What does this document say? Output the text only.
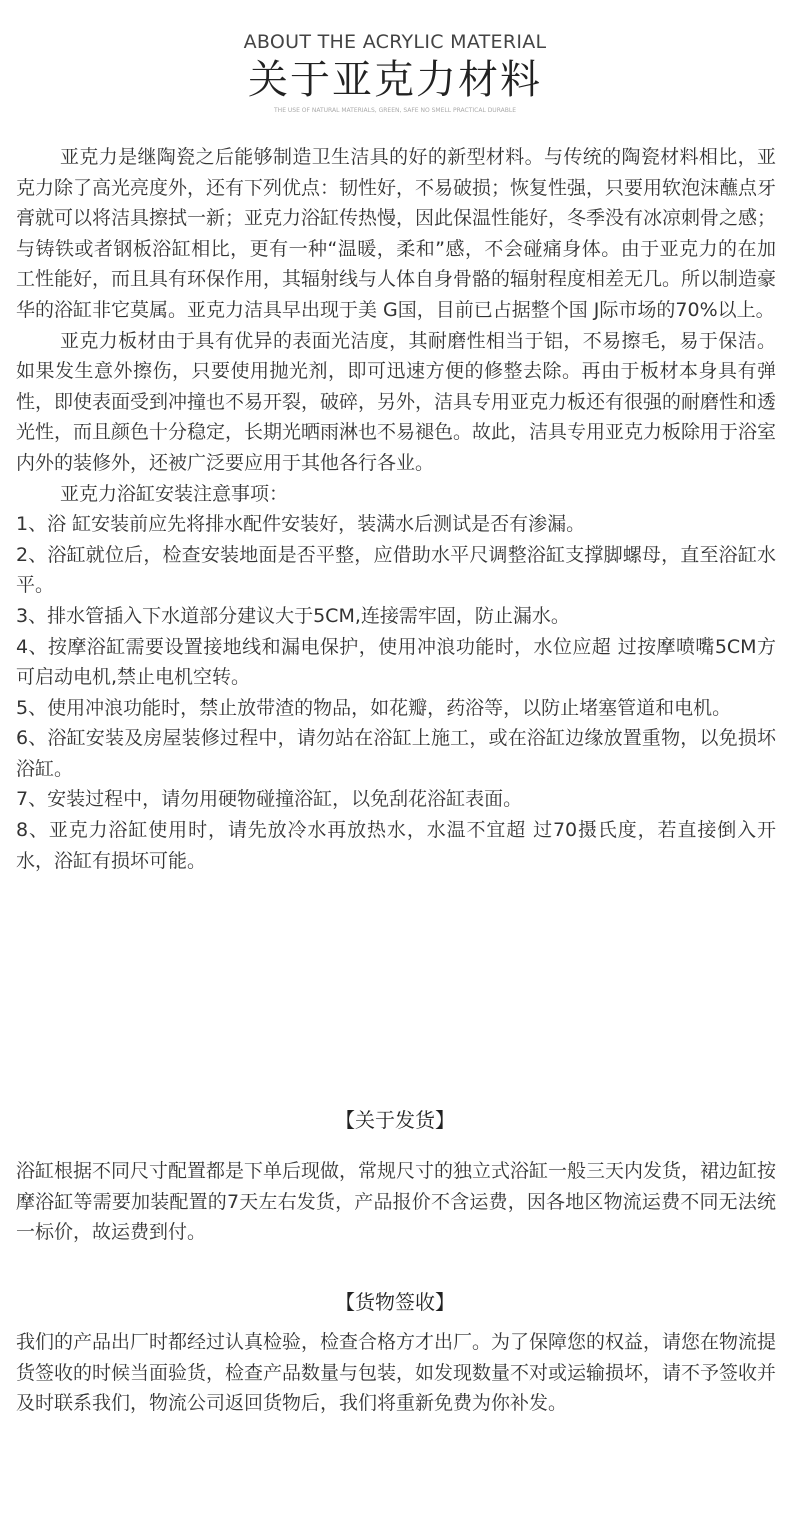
ABOUT THE ACRYLIC MATERIAL
关于亚克力材料
THE USE OF NATURAL MATERIALS, GREEN, SAFE NO SMELL PRACTICAL DURABLE

亚克力是继陶瓷之后能够制造卫生洁具的好的新型材料。与传统的陶瓷材料相比，亚克力除了高光亮度外，还有下列优点：韧性好，不易破损；恢复性强，只要用软泡沫蘸点牙膏就可以将洁具擦拭一新；亚克力浴缸传热慢，因此保温性能好，冬季没有冰凉刺骨之感；与铸铁或者钢板浴缸相比，更有一种“温暖，柔和”感，不会碰痛身体。由于亚克力的在加工性能好，而且具有环保作用，其辐射线与人体自身骨骼的辐射程度相差无几。所以制造豪华的浴缸非它莫属。亚克力洁具早出现于美 G国，目前已占据整个国 J际市场的70%以上。

亚克力板材由于具有优异的表面光洁度，其耐磨性相当于铝，不易擦毛，易于保洁。如果发生意外擦伤，只要使用抛光剂，即可迅速方便的修整去除。再由于板材本身具有弹性，即使表面受到冲撞也不易开裂，破碎，另外，洁具专用亚克力板还有很强的耐磨性和透光性，而且颜色十分稳定，长期光晒雨淋也不易褪色。故此，洁具专用亚克力板除用于浴室内外的装修外，还被广泛要应用于其他各行各业。

亚克力浴缸安装注意事项：

1、浴 缸安装前应先将排水配件安装好，装满水后测试是否有渗漏。

2、浴缸就位后，检查安装地面是否平整，应借助水平尺调整浴缸支撑脚螺母，直至浴缸水平。

3、排水管插入下水道部分建议大于5CM,连接需牢固，防止漏水。

4、按摩浴缸需要设置接地线和漏电保护，使用冲浪功能时，水位应超 过按摩喷嘴5CM方可启动电机,禁止电机空转。

5、使用冲浪功能时，禁止放带渣的物品，如花瓣，药浴等，以防止堵塞管道和电机。

6、浴缸安装及房屋装修过程中，请勿站在浴缸上施工，或在浴缸边缘放置重物，以免损坏浴缸。

7、安装过程中，请勿用硬物碰撞浴缸，以免刮花浴缸表面。

8、亚克力浴缸使用时，请先放冷水再放热水，水温不宜超 过70摄氏度，若直接倒入开水，浴缸有损坏可能。

【关于发货】

浴缸根据不同尺寸配置都是下单后现做，常规尺寸的独立式浴缸一般三天内发货，裙边缸按摩浴缸等需要加装配置的7天左右发货，产品报价不含运费，因各地区物流运费不同无法统一标价，故运费到付。

【货物签收】

我们的产品出厂时都经过认真检验，检查合格方才出厂。为了保障您的权益，请您在物流提货签收的时候当面验货，检查产品数量与包装，如发现数量不对或运输损坏，请不予签收并及时联系我们，物流公司返回货物后，我们将重新免费为你补发。
